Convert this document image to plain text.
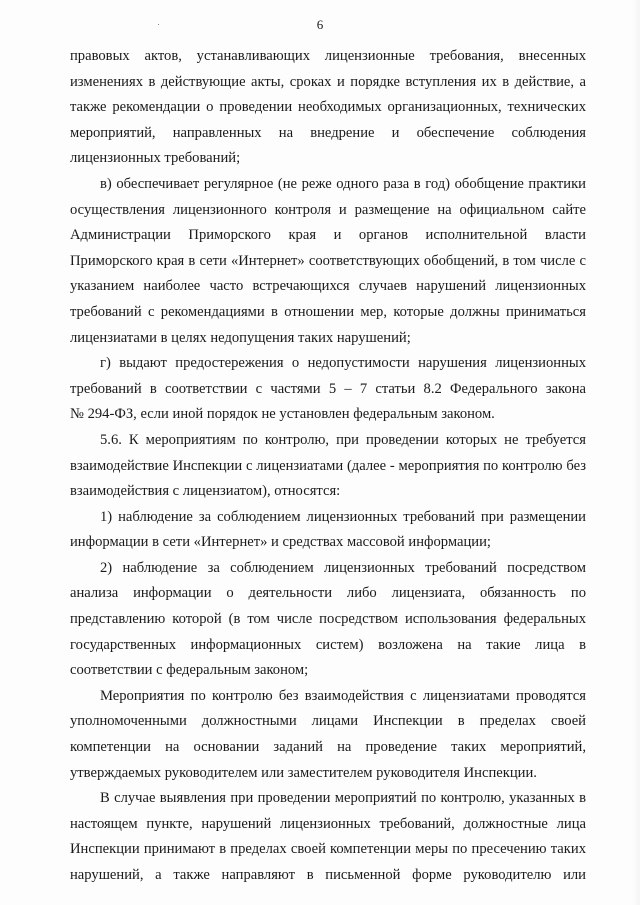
6

правовых актов, устанавливающих лицензионные требования, внесенных
изменениях в действующие акты, сроках и порядке вступления их в действие, а
также рекомендации о проведении необходимых организационных, технических
мероприятий, направленных на внедрение и обеспечение соблюдения
лицензионных требований;

в) обеспечивает регулярное (не реже одного раза в год) обобщение практики
осуществления лицензионного контроля и размещение на официальном сайте
Администрации Приморского края и органов исполнительной власти
Приморского края в сети «Интернет» соответствующих обобщений, в том числе с
указанием наиболее часто встречающихся случаев нарушений лицензионных
требований с рекомендациями в отношении мер, которые должны приниматься
лицензиатами в целях недопущения таких нарушений;

г) выдают предостережения о недопустимости нарушения лицензионных
требований в соответствии с частями 5 – 7 статьи 8.2 Федерального закона
№ 294-ФЗ, если иной порядок не установлен федеральным законом.

5.6. К мероприятиям по контролю, при проведении которых не требуется
взаимодействие Инспекции с лицензиатами (далее - мероприятия по контролю без
взаимодействия с лицензиатом), относятся:

1) наблюдение за соблюдением лицензионных требований при размещении
информации в сети «Интернет» и средствах массовой информации;

2) наблюдение за соблюдением лицензионных требований посредством
анализа информации о деятельности либо лицензиата, обязанность по
представлению которой (в том числе посредством использования федеральных
государственных информационных систем) возложена на такие лица в
соответствии с федеральным законом;

Мероприятия по контролю без взаимодействия с лицензиатами проводятся
уполномоченными должностными лицами Инспекции в пределах своей
компетенции на основании заданий на проведение таких мероприятий,
утверждаемых руководителем или заместителем руководителя Инспекции.

В случае выявления при проведении мероприятий по контролю, указанных в
настоящем пункте, нарушений лицензионных требований, должностные лица
Инспекции принимают в пределах своей компетенции меры по пресечению таких
нарушений, а также направляют в письменной форме руководителю или
